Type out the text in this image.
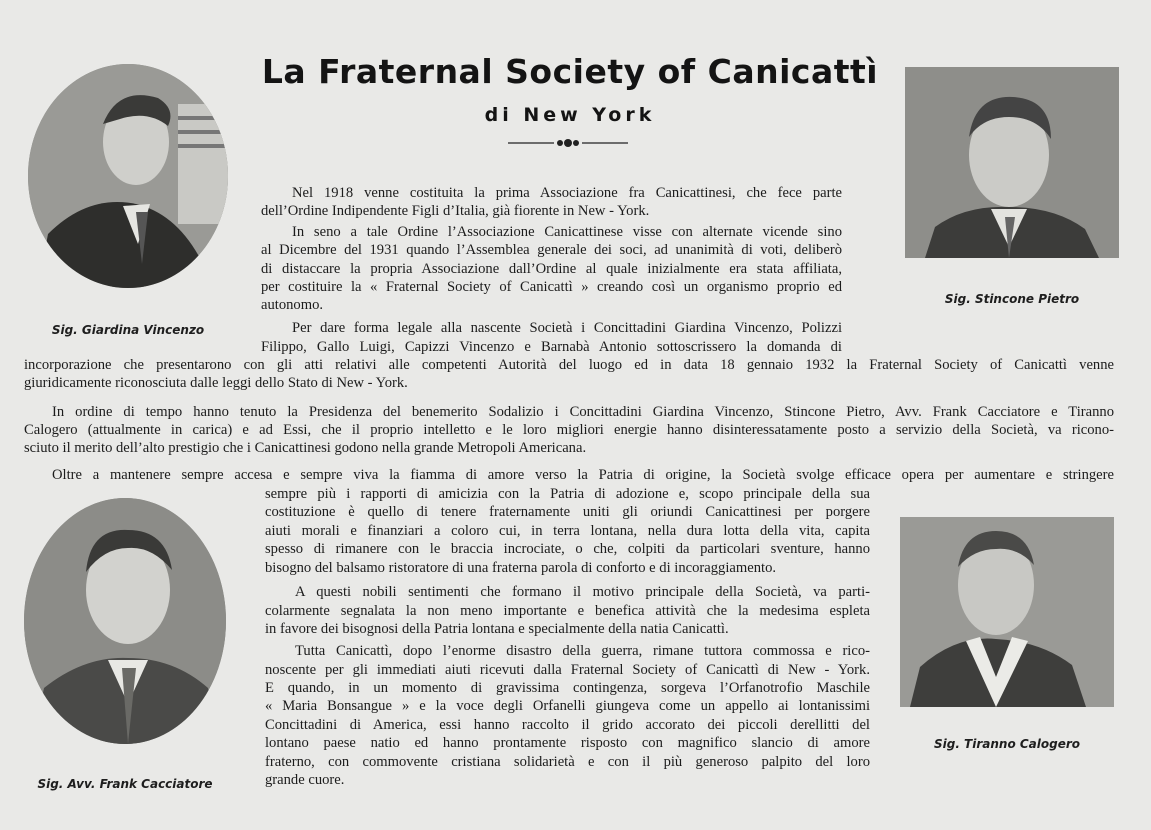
La Fraternal Society of Canicattì
di New York
Sig. Giardina Vincenzo
Sig. Stincone Pietro
Sig. Avv. Frank Cacciatore
Sig. Tiranno Calogero
Nel 1918 venne costituita la prima Associazione fra Canicattinesi, che fece parte
dell’Ordine Indipendente Figli d’Italia, già fiorente in New - York.
In seno a tale Ordine l’Associazione Canicattinese visse con alternate vicende sino
al Dicembre del 1931 quando l’Assemblea generale dei soci, ad unanimità di voti, deliberò
di distaccare la propria Associazione dall’Ordine al quale inizialmente era stata affiliata,
per costituire la « Fraternal Society of Canicattì » creando così un organismo proprio ed
autonomo.
Per dare forma legale alla nascente Società i Concittadini Giardina Vincenzo, Polizzi
Filippo, Gallo Luigi, Capizzi Vincenzo e Barnabà Antonio sottoscrissero la domanda di
incorporazione che presentarono con gli atti relativi alle competenti Autorità del luogo ed in data 18 gennaio 1932 la Fraternal Society of Canicattì venne
giuridicamente riconosciuta dalle leggi dello Stato di New - York.
In ordine di tempo hanno tenuto la Presidenza del benemerito Sodalizio i Concittadini Giardina Vincenzo, Stincone Pietro, Avv. Frank Cacciatore e Tiranno
Calogero (attualmente in carica) e ad Essi, che il proprio intelletto e le loro migliori energie hanno disinteressatamente posto a servizio della Società, va ricono-
sciuto il merito dell’alto prestigio che i Canicattinesi godono nella grande Metropoli Americana.
Oltre a mantenere sempre accesa e sempre viva la fiamma di amore verso la Patria di origine, la Società svolge efficace opera per aumentare e stringere
sempre più i rapporti di amicizia con la Patria di adozione e, scopo principale della sua
costituzione è quello di tenere fraternamente uniti gli oriundi Canicattinesi per porgere
aiuti morali e finanziari a coloro cui, in terra lontana, nella dura lotta della vita, capita
spesso di rimanere con le braccia incrociate, o che, colpiti da particolari sventure, hanno
bisogno del balsamo ristoratore di una fraterna parola di conforto e di incoraggiamento.
A questi nobili sentimenti che formano il motivo principale della Società, va parti-
colarmente segnalata la non meno importante e benefica attività che la medesima espleta
in favore dei bisognosi della Patria lontana e specialmente della natia Canicattì.
Tutta Canicattì, dopo l’enorme disastro della guerra, rimane tuttora commossa e rico-
noscente per gli immediati aiuti ricevuti dalla Fraternal Society of Canicattì di New - York.
E quando, in un momento di gravissima contingenza, sorgeva l’Orfanotrofio Maschile
« Maria Bonsangue » e la voce degli Orfanelli giungeva come un appello ai lontanissimi
Concittadini di America, essi hanno raccolto il grido accorato dei piccoli derellitti del
lontano paese natio ed hanno prontamente risposto con magnifico slancio di amore
fraterno, con commovente cristiana solidarietà e con il più generoso palpito del loro
grande cuore.
